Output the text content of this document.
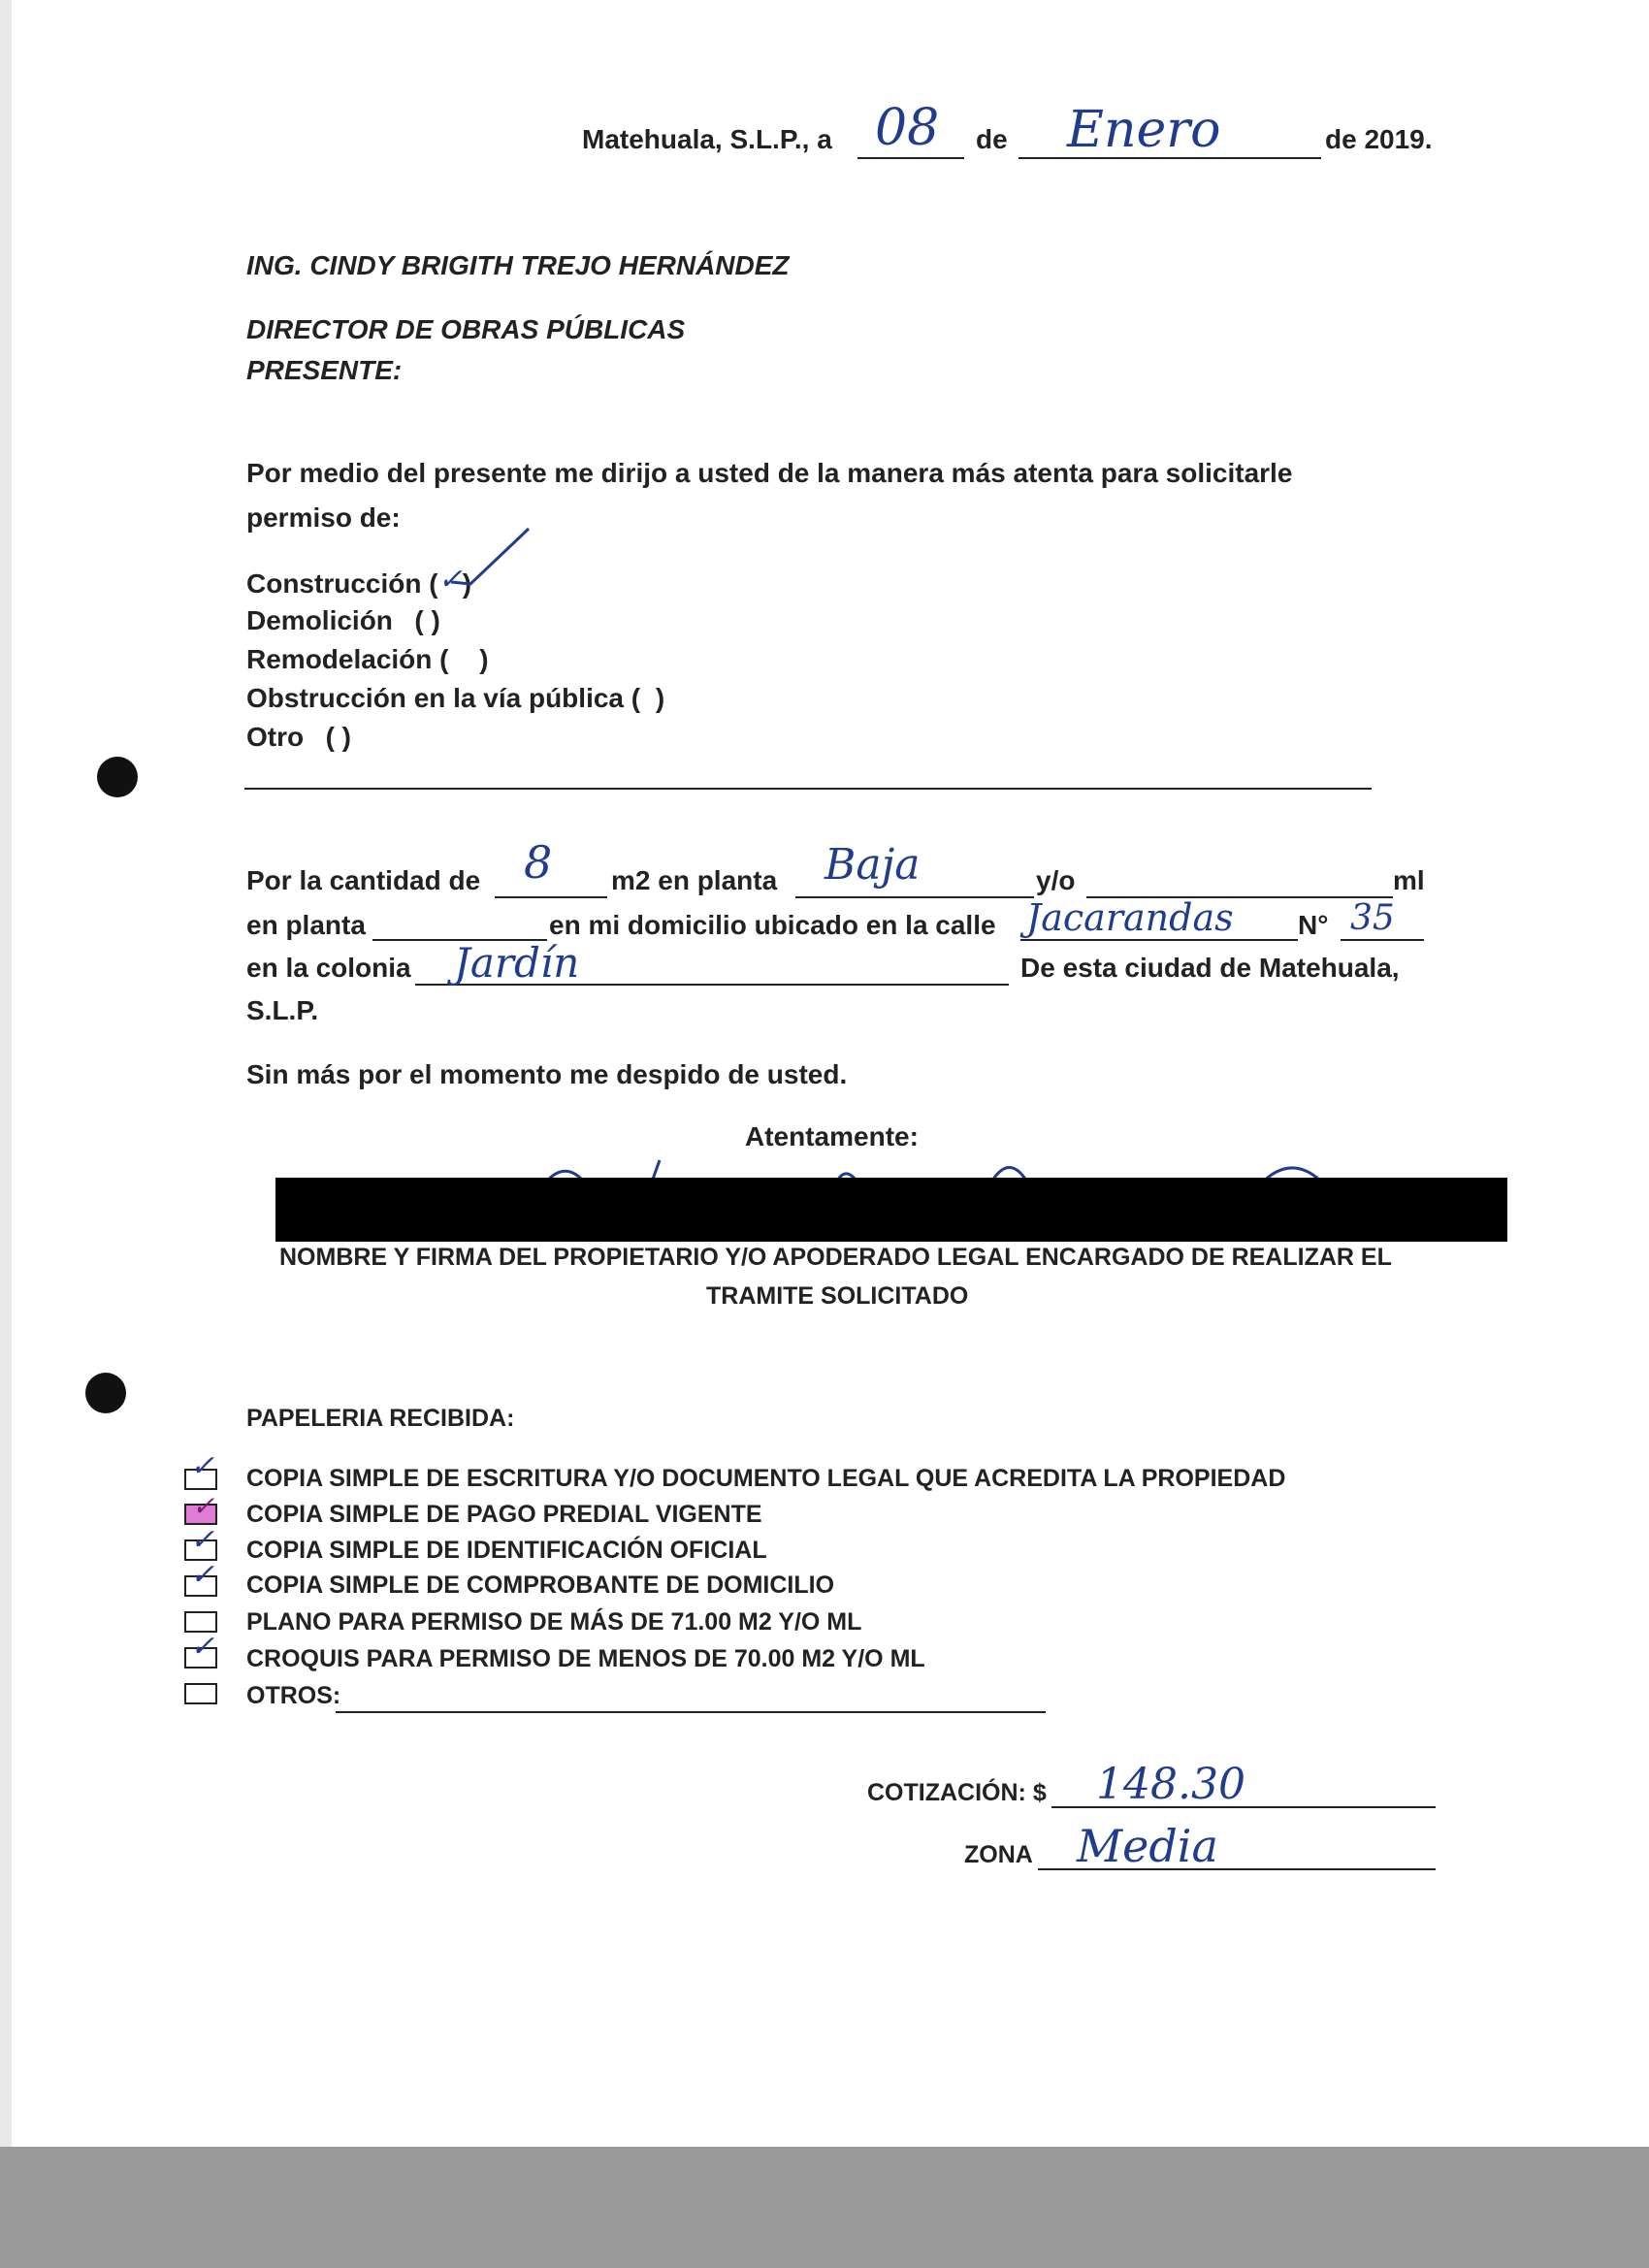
Matehuala, S.L.P., a 08 de Enero	de 2019.
ING. CINDY BRIGITH TREJO HERNÁNDEZ
DIRECTOR DE OBRAS PÚBLICAS
PRESENTE:
Por medio del presente me dirijo a usted de la manera más atenta para solicitarle
permiso de:
Construcción (✓)
Demolición ( )
Remodelación ( )
Obstrucción en la vía pública ( )
Otro ( )
Por la cantidad de 8 m2 en planta Baja	y/o	ml
en planta	en mi domicilio ubicado en la calle Jacarandas N° 35
en la colonia Jardín	De esta ciudad de Matehuala,
S.L.P.
Sin más por el momento me despido de usted.
Atentamente:
NOMBRE Y FIRMA DEL PROPIETARIO Y/O APODERADO LEGAL ENCARGADO DE REALIZAR EL
TRAMITE SOLICITADO
PAPELERIA RECIBIDA:
✓ COPIA SIMPLE DE ESCRITURA Y/O DOCUMENTO LEGAL QUE ACREDITA LA PROPIEDAD
✓ COPIA SIMPLE DE PAGO PREDIAL VIGENTE
✓ COPIA SIMPLE DE IDENTIFICACIÓN OFICIAL
✓ COPIA SIMPLE DE COMPROBANTE DE DOMICILIO
PLANO PARA PERMISO DE MÁS DE 71.00 M2 Y/O ML
✓ CROQUIS PARA PERMISO DE MENOS DE 70.00 M2 Y/O ML
OTROS:
COTIZACIÓN: $ 148.30
ZONA Media
